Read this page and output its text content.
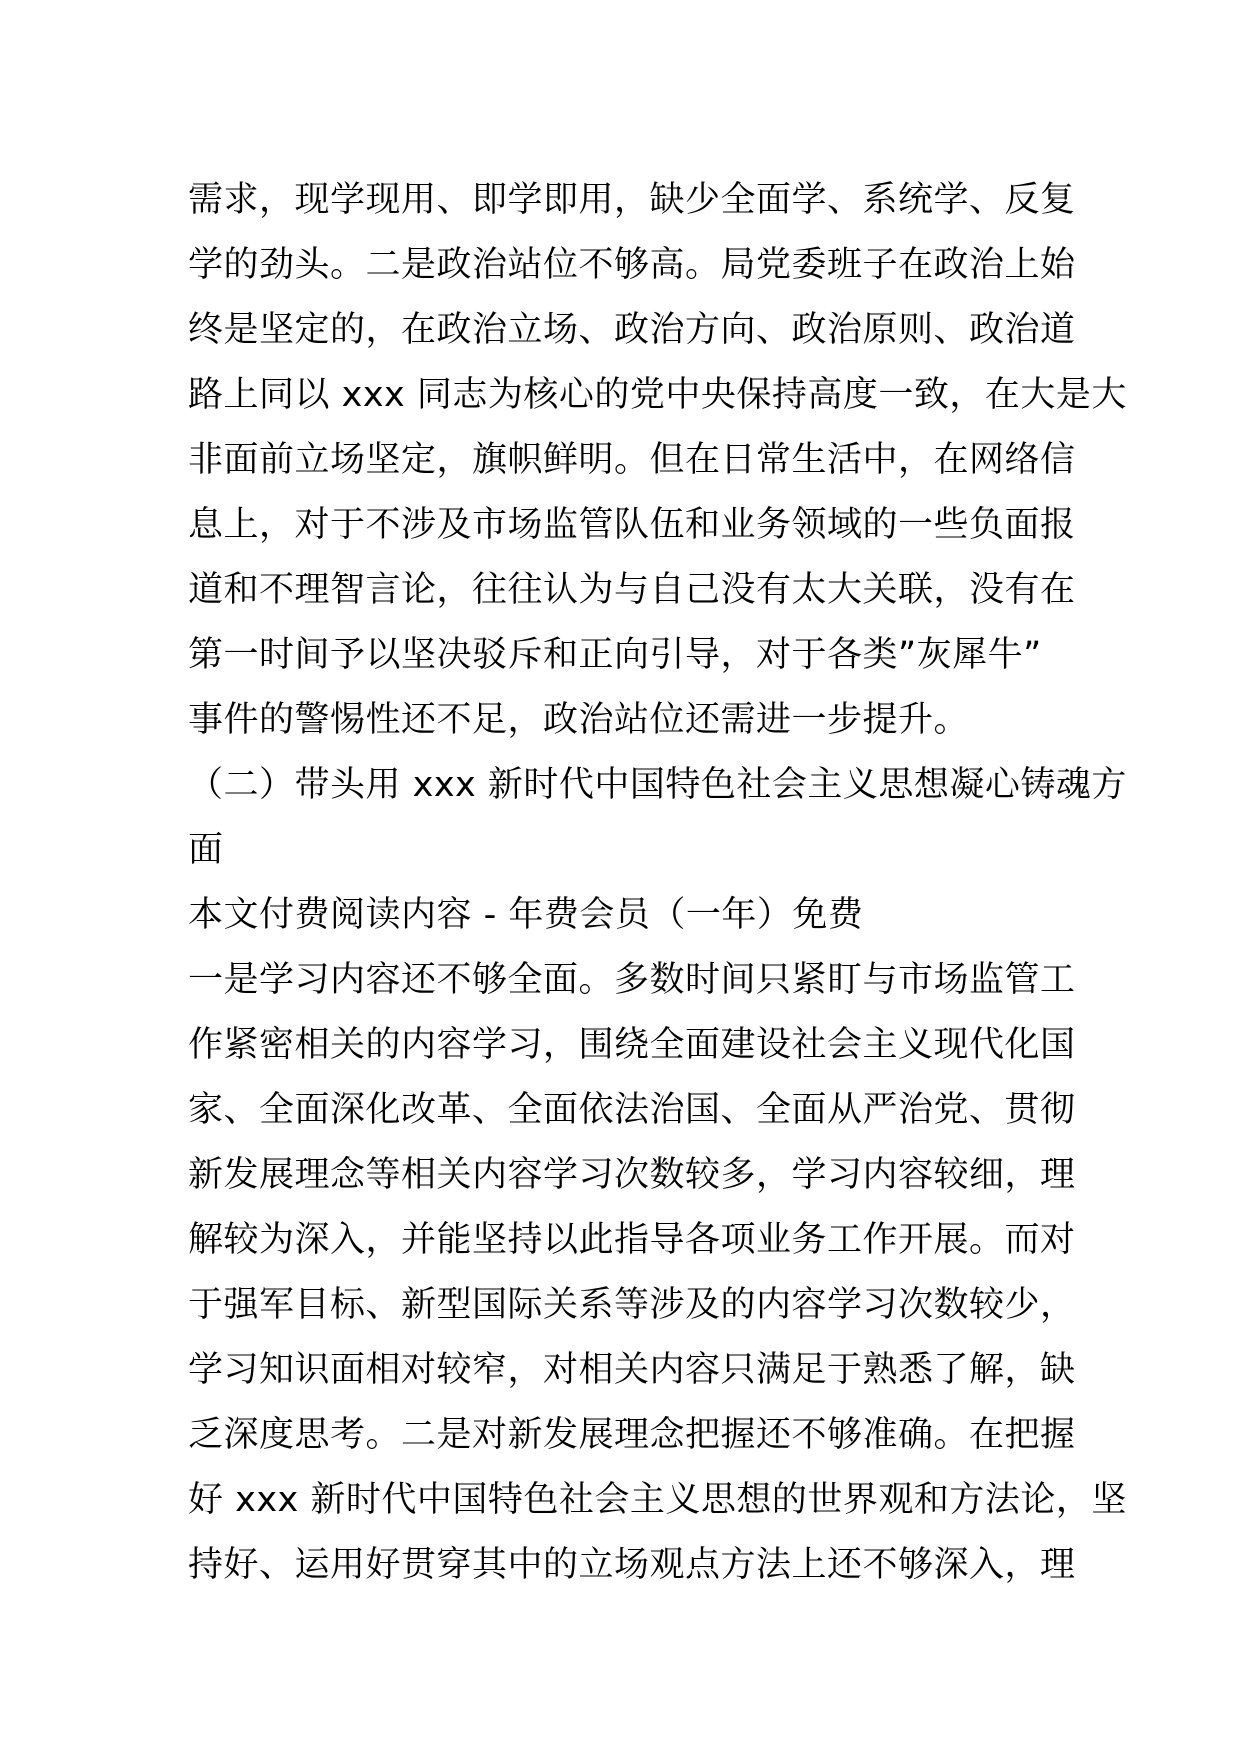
需求，现学现用、即学即用，缺少全面学、系统学、反复
学的劲头。二是政治站位不够高。局党委班子在政治上始
终是坚定的，在政治立场、政治方向、政治原则、政治道
路上同以 xxx 同志为核心的党中央保持高度一致，在大是大
非面前立场坚定，旗帜鲜明。但在日常生活中，在网络信
息上，对于不涉及市场监管队伍和业务领域的一些负面报
道和不理智言论，往往认为与自己没有太大关联，没有在
第一时间予以坚决驳斥和正向引导，对于各类”灰犀牛”
事件的警惕性还不足，政治站位还需进一步提升。
（二）带头用 xxx 新时代中国特色社会主义思想凝心铸魂方
面
本文付费阅读内容 - 年费会员（一年）免费
一是学习内容还不够全面。多数时间只紧盯与市场监管工
作紧密相关的内容学习，围绕全面建设社会主义现代化国
家、全面深化改革、全面依法治国、全面从严治党、贯彻
新发展理念等相关内容学习次数较多，学习内容较细，理
解较为深入，并能坚持以此指导各项业务工作开展。而对
于强军目标、新型国际关系等涉及的内容学习次数较少，
学习知识面相对较窄，对相关内容只满足于熟悉了解，缺
乏深度思考。二是对新发展理念把握还不够准确。在把握
好 xxx 新时代中国特色社会主义思想的世界观和方法论，坚
持好、运用好贯穿其中的立场观点方法上还不够深入，理
